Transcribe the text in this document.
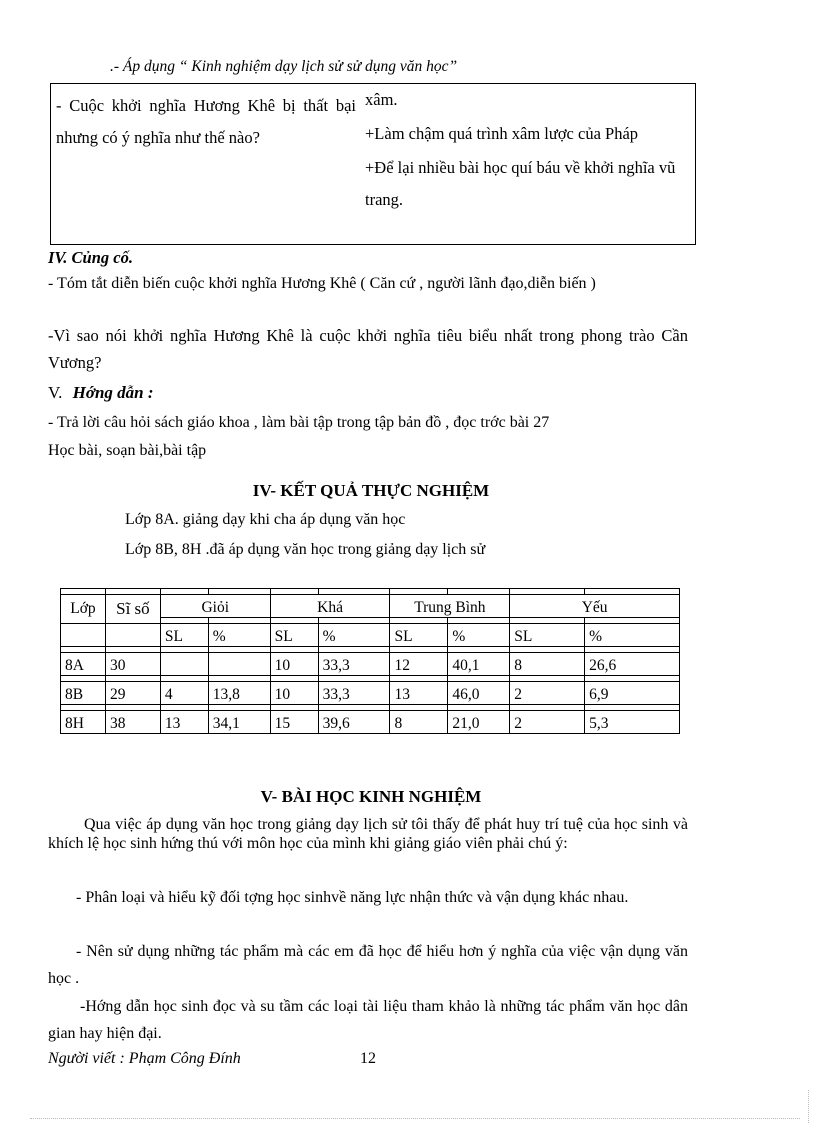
.- Áp dụng “ Kinh nghiệm dạy lịch sử sử dụng văn học”
- Cuộc khởi nghĩa Hương Khê bị thất bại nhưng có ý nghĩa như thế nào?

xâm.

+Làm chậm quá trình xâm lược của Pháp

+Để lại nhiều bài học quí báu về khởi nghĩa vũ trang.

IV. Củng cố.
- Tóm tắt diễn biến cuộc khởi nghĩa Hương Khê ( Căn cứ , người lãnh đạo,diễn biến )
-Vì sao nói khởi nghĩa Hương Khê là cuộc khởi nghĩa tiêu biểu nhất trong phong trào Cần Vương?
V. Hớng dẫn :
- Trả lời câu hỏi sách giáo khoa , làm bài tập trong tập bản đồ , đọc trớc bài 27
Học bài, soạn bài,bài tập
IV- KẾT QUẢ THỰC NGHIỆM
Lớp 8A. giảng dạy khi cha áp dụng văn học
Lớp 8B, 8H .đã áp dụng văn học trong giảng dạy lịch sử

Lớp	Sĩ số	Giỏi		Khá		Trung Bình		Yếu	

		SL	%	SL	%	SL	%	SL	%

8A	30			10	33,3	12	40,1	8	26,6

8B	29	4	13,8	10	33,3	13	46,0	2	6,9

8H	38	13	34,1	15	39,6	8	21,0	2	5,3
V- BÀI HỌC KINH NGHIỆM
Qua việc áp dụng văn học trong giảng dạy lịch sử tôi thấy để phát huy trí tuệ của học sinh và khích lệ học sinh hứng thú với môn học của mình khi giảng giáo viên phải chú ý:
- Phân loại và hiểu kỹ đối tợng học sinhvề năng lực nhận thức và vận dụng khác nhau.
- Nên sử dụng những tác phẩm mà các em đã học để hiểu hơn ý nghĩa của việc vận dụng văn học .
-Hớng dẫn học sinh đọc và su tầm các loại tài liệu tham khảo là những tác phẩm văn học dân gian hay hiện đại.
Người viết : Phạm Công Đính	12
